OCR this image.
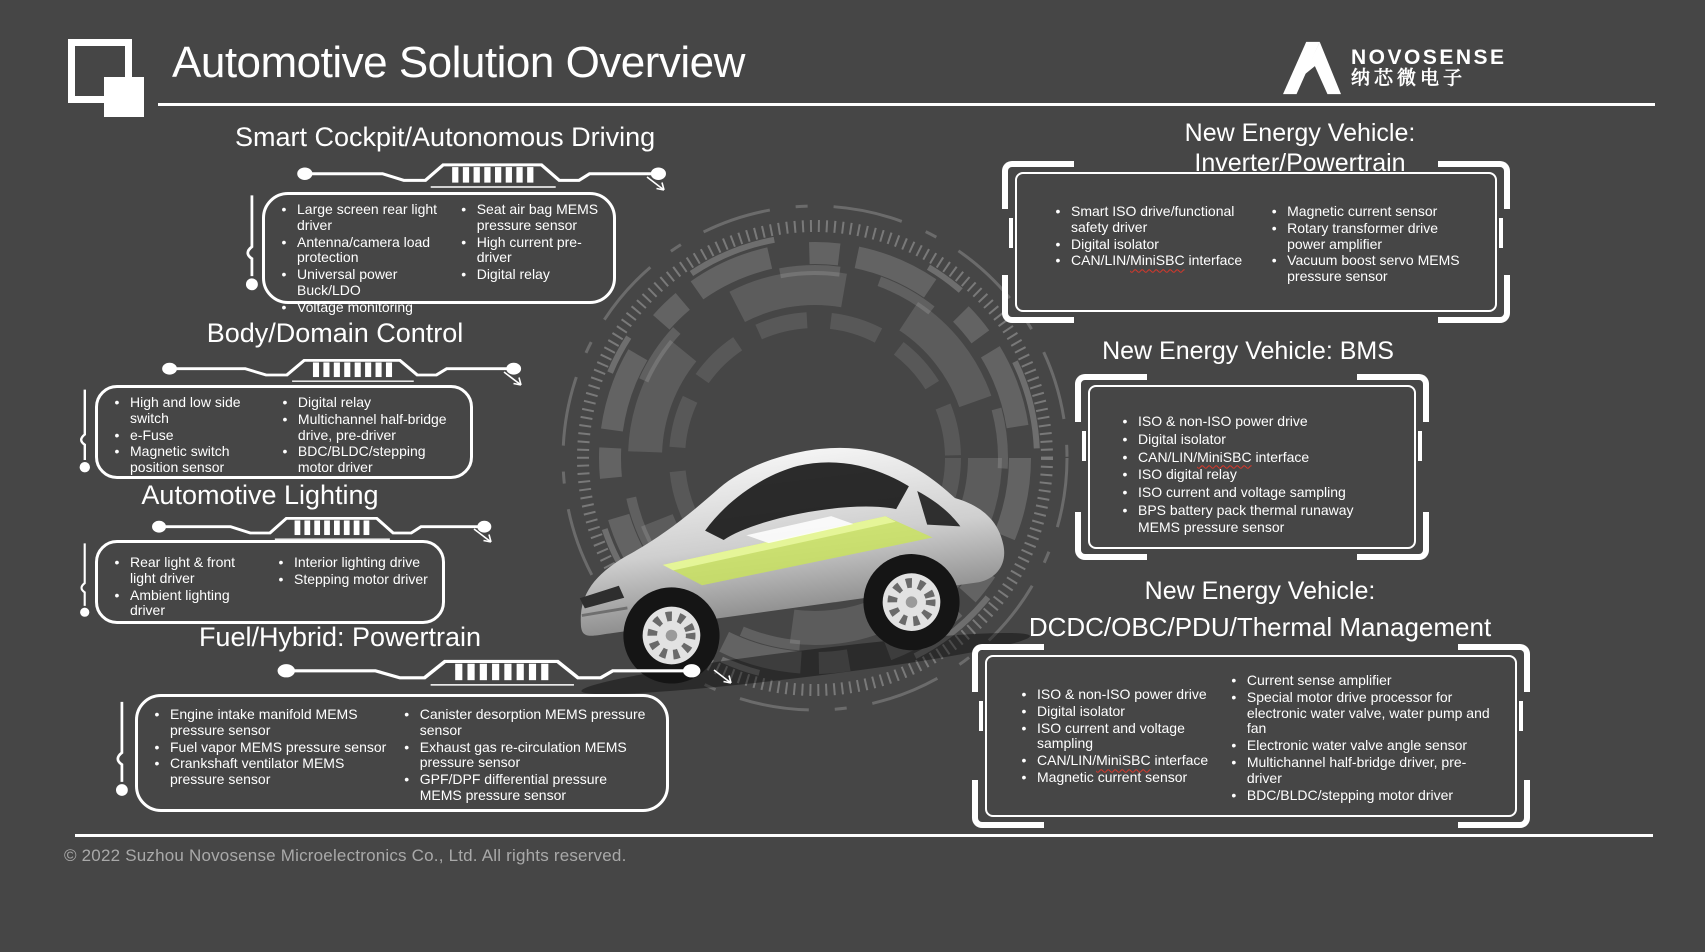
Automotive Solution Overview	NOVOSENSE
纳芯微电子
Smart Cockpit/Autonomous Driving
• Large screen rear light driver
• Antenna/camera load protection
• Universal power Buck/LDO
• Voltage monitoring
• Seat air bag MEMS pressure sensor
• High current pre-driver
• Digital relay
Body/Domain Control
• High and low side switch
• e-Fuse
• Magnetic switch position sensor
• Digital relay
• Multichannel half-bridge drive, pre-driver
• BDC/BLDC/stepping motor driver
Automotive Lighting
• Rear light & front light driver
• Ambient lighting driver
• Interior lighting drive
• Stepping motor driver
Fuel/Hybrid: Powertrain
• Engine intake manifold MEMS pressure sensor
• Fuel vapor MEMS pressure sensor
• Crankshaft ventilator MEMS pressure sensor
• Canister desorption MEMS pressure sensor
• Exhaust gas re-circulation MEMS pressure sensor
• GPF/DPF differential pressure MEMS pressure sensor
New Energy Vehicle:
Inverter/Powertrain
• Smart ISO drive/functional safety driver
• Digital isolator
• CAN/LIN/MiniSBC interface
• Magnetic current sensor
• Rotary transformer drive power amplifier
• Vacuum boost servo MEMS pressure sensor
New Energy Vehicle: BMS
• ISO & non-ISO power drive
• Digital isolator
• CAN/LIN/MiniSBC interface
• ISO digital relay
• ISO current and voltage sampling
• BPS battery pack thermal runaway MEMS pressure sensor
New Energy Vehicle:
DCDC/OBC/PDU/Thermal Management
• ISO & non-ISO power drive
• Digital isolator
• ISO current and voltage sampling
• CAN/LIN/MiniSBC interface
• Magnetic current sensor
• Current sense amplifier
• Special motor drive processor for electronic water valve, water pump and fan
• Electronic water valve angle sensor
• Multichannel half-bridge driver, pre-driver
• BDC/BLDC/stepping motor driver
© 2022 Suzhou Novosense Microelectronics Co., Ltd. All rights reserved.
